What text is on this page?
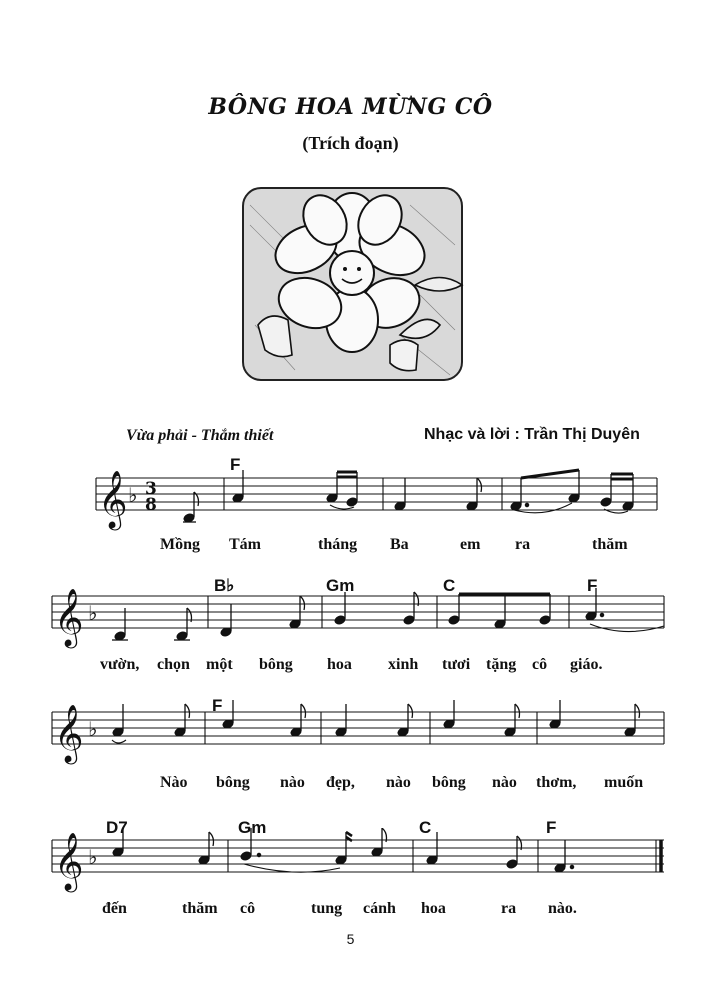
BÔNG HOA MỪNG CÔ
(Trích đoạn)
Vừa phải - Thắm thiết	Nhạc và lời : Trần Thị Duyên
F
𝄞 ♭ 3
8
Mồng Tám	tháng Ba	em ra	thăm
B♭	Gm	C	F
𝄞 ♭
vườn, chọn một bông hoa xinh tươi tặng cô giáo.
F
𝄞 ♭
Nào bông nào đẹp, nào bông nào thơm, muốn
D7	Gm	C	F
𝄞 ♭
đến	thăm cô	tung cánh hoa	ra nào.
5
